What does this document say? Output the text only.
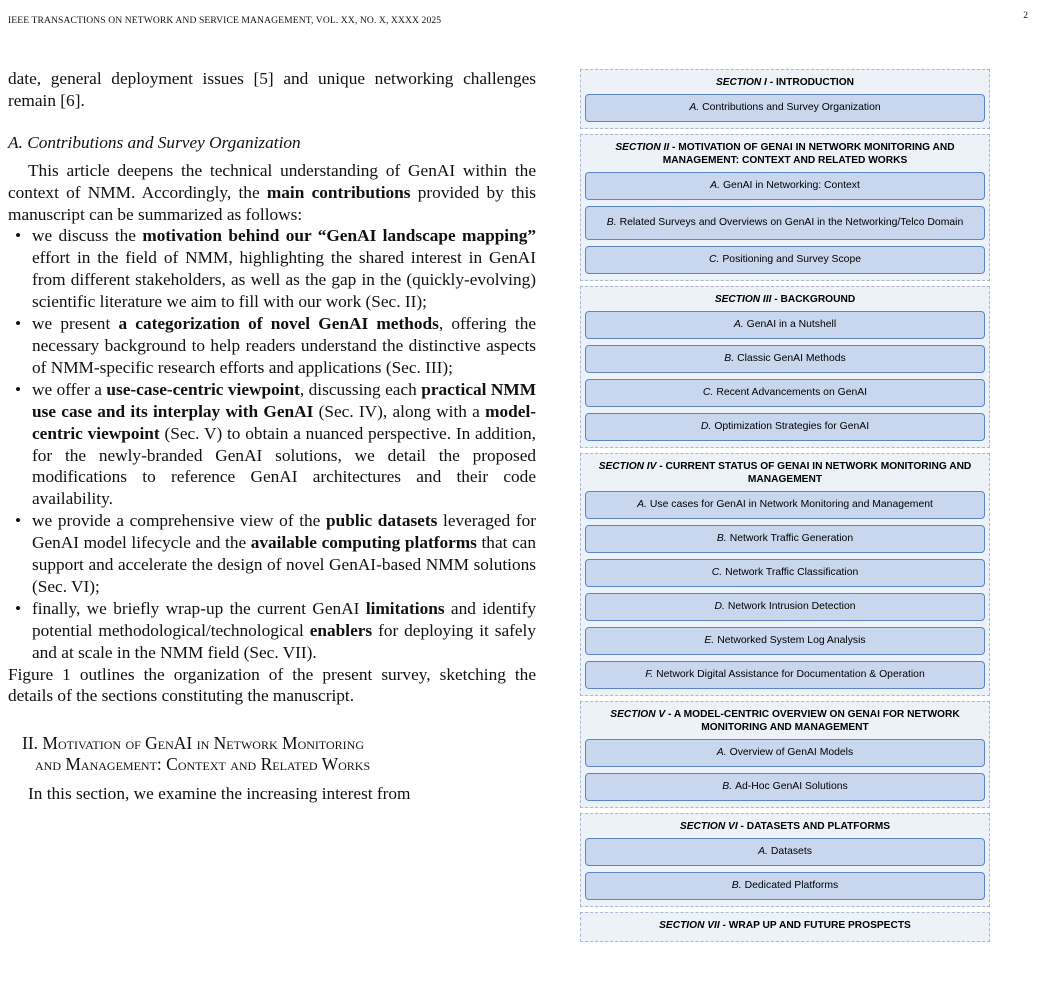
IEEE TRANSACTIONS ON NETWORK AND SERVICE MANAGEMENT, VOL. XX, NO. X, XXXX 2025	2

date, general deployment issues [5] and unique networking challenges remain [6].

A. Contributions and Survey Organization

This article deepens the technical understanding of GenAI within the context of NMM. Accordingly, the main contributions provided by this manuscript can be summarized as follows:

• we discuss the motivation behind our “GenAI landscape mapping” effort in the field of NMM, highlighting the shared interest in GenAI from different stakeholders, as well as the gap in the (quickly-evolving) scientific literature we aim to fill with our work (Sec. II);
• we present a categorization of novel GenAI methods, offering the necessary background to help readers understand the distinctive aspects of NMM-specific research efforts and applications (Sec. III);
• we offer a use-case-centric viewpoint, discussing each practical NMM use case and its interplay with GenAI (Sec. IV), along with a model-centric viewpoint (Sec. V) to obtain a nuanced perspective. In addition, for the newly-branded GenAI solutions, we detail the proposed modifications to reference GenAI architectures and their code availability.
• we provide a comprehensive view of the public datasets leveraged for GenAI model lifecycle and the available computing platforms that can support and accelerate the design of novel GenAI-based NMM solutions (Sec. VI);
• finally, we briefly wrap-up the current GenAI limitations and identify potential methodological/technological enablers for deploying it safely and at scale in the NMM field (Sec. VII).

Figure 1 outlines the organization of the present survey, sketching the details of the sections constituting the manuscript.

II. Motivation of GenAI in Network Monitoring
and Management: Context and Related Works

In this section, we examine the increasing interest from

SECTION I - INTRODUCTION
A. Contributions and Survey Organization
SECTION II - MOTIVATION OF GENAI IN NETWORK MONITORING AND MANAGEMENT: CONTEXT AND RELATED WORKS
A. GenAI in Networking: Context
B. Related Surveys and Overviews on GenAI in the Networking/Telco Domain
C. Positioning and Survey Scope
SECTION III - BACKGROUND
A. GenAI in a Nutshell
B. Classic GenAI Methods
C. Recent Advancements on GenAI
D. Optimization Strategies for GenAI
SECTION IV - CURRENT STATUS OF GENAI IN NETWORK MONITORING AND MANAGEMENT
A. Use cases for GenAI in Network Monitoring and Management
B. Network Traffic Generation
C. Network Traffic Classification
D. Network Intrusion Detection
E. Networked System Log Analysis
F. Network Digital Assistance for Documentation & Operation
SECTION V - A MODEL-CENTRIC OVERVIEW ON GENAI FOR NETWORK MONITORING AND MANAGEMENT
A. Overview of GenAI Models
B. Ad-Hoc GenAI Solutions
SECTION VI - DATASETS AND PLATFORMS
A. Datasets
B. Dedicated Platforms
SECTION VII - WRAP UP AND FUTURE PROSPECTS
